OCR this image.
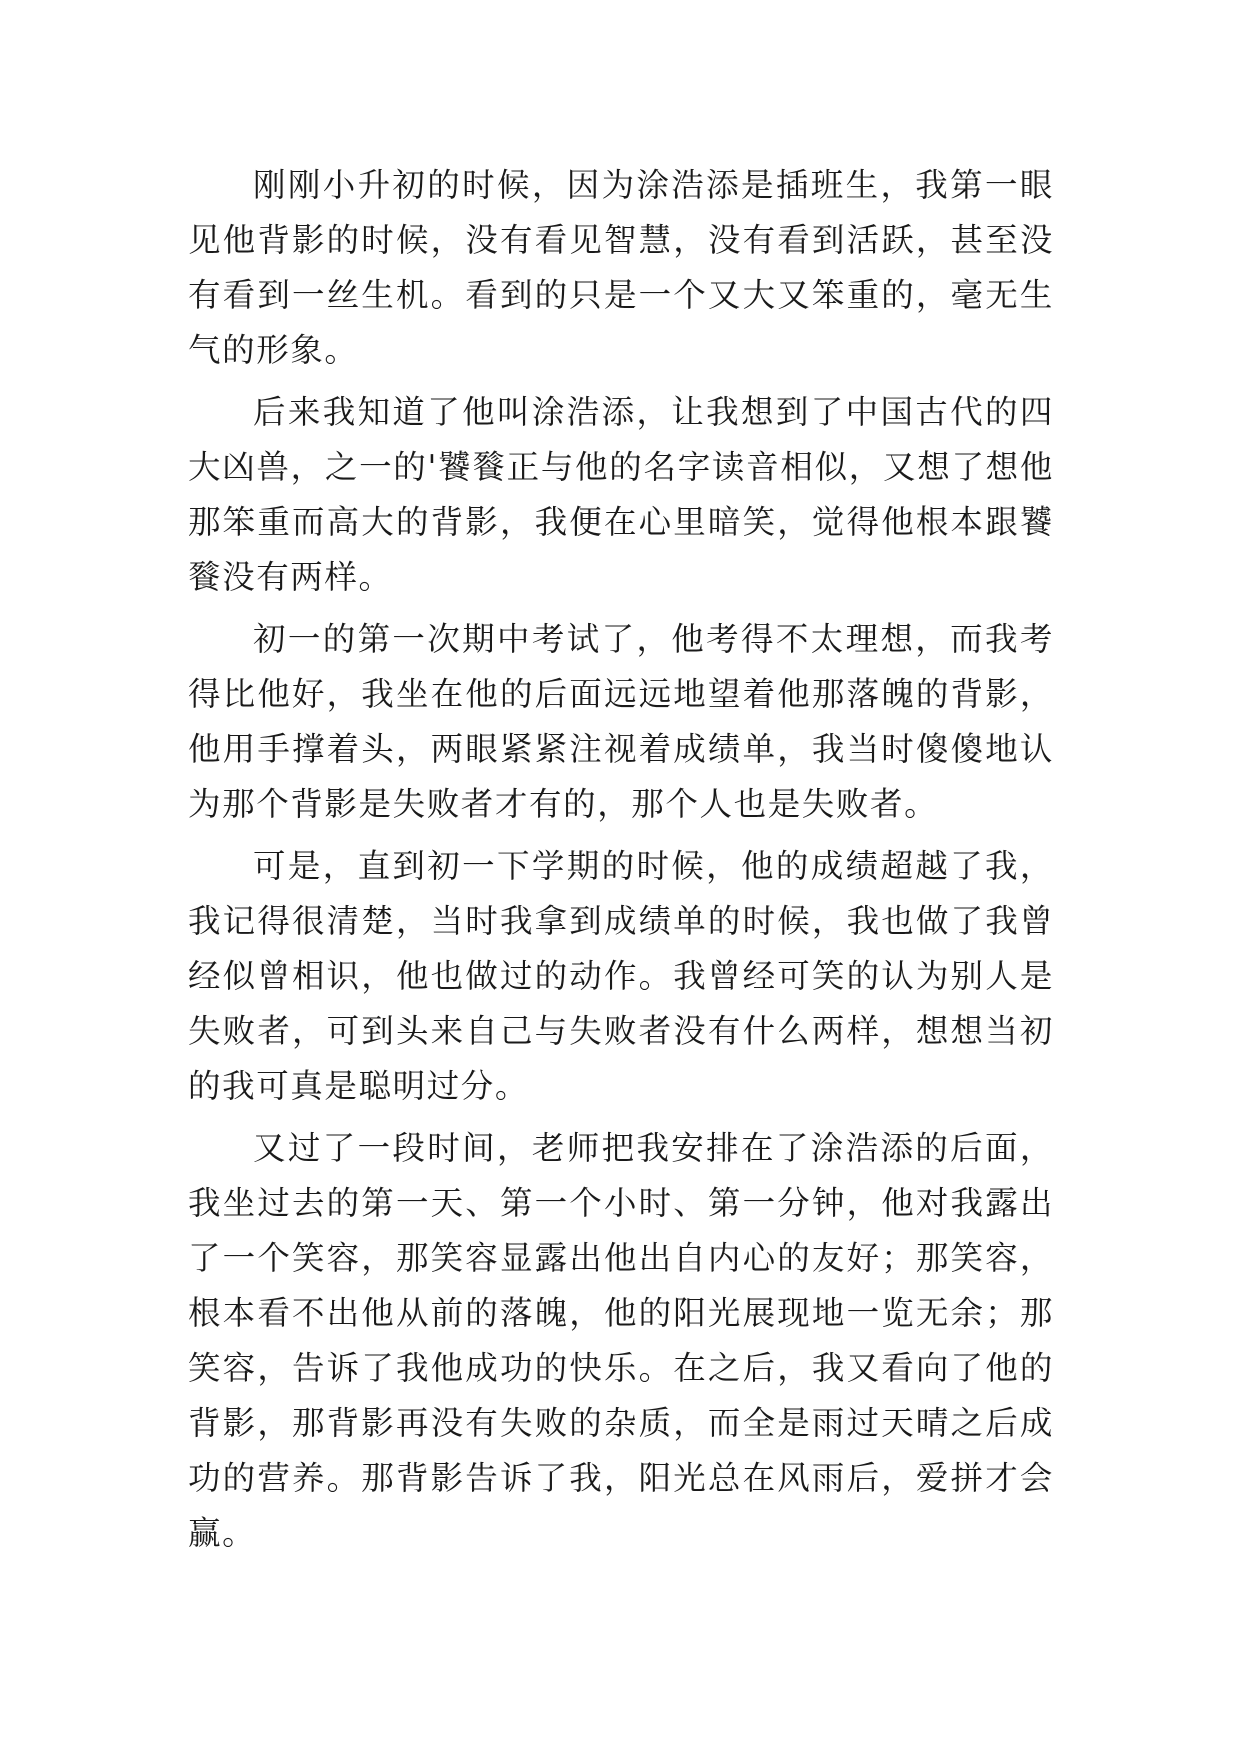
刚刚小升初的时候，因为涂浩添是插班生，我第一眼见他背影的时候，没有看见智慧，没有看到活跃，甚至没有看到一丝生机。看到的只是一个又大又笨重的，毫无生气的形象。

后来我知道了他叫涂浩添，让我想到了中国古代的四大凶兽，之一的'饕餮正与他的名字读音相似，又想了想他那笨重而高大的背影，我便在心里暗笑，觉得他根本跟饕餮没有两样。

初一的第一次期中考试了，他考得不太理想，而我考得比他好，我坐在他的后面远远地望着他那落魄的背影，他用手撑着头，两眼紧紧注视着成绩单，我当时傻傻地认为那个背影是失败者才有的，那个人也是失败者。

可是，直到初一下学期的时候，他的成绩超越了我，我记得很清楚，当时我拿到成绩单的时候，我也做了我曾经似曾相识，他也做过的动作。我曾经可笑的认为别人是失败者，可到头来自己与失败者没有什么两样，想想当初的我可真是聪明过分。

又过了一段时间，老师把我安排在了涂浩添的后面，我坐过去的第一天、第一个小时、第一分钟，他对我露出了一个笑容，那笑容显露出他出自内心的友好；那笑容，根本看不出他从前的落魄，他的阳光展现地一览无余；那笑容，告诉了我他成功的快乐。在之后，我又看向了他的背影，那背影再没有失败的杂质，而全是雨过天晴之后成功的营养。那背影告诉了我，阳光总在风雨后，爱拼才会赢。
